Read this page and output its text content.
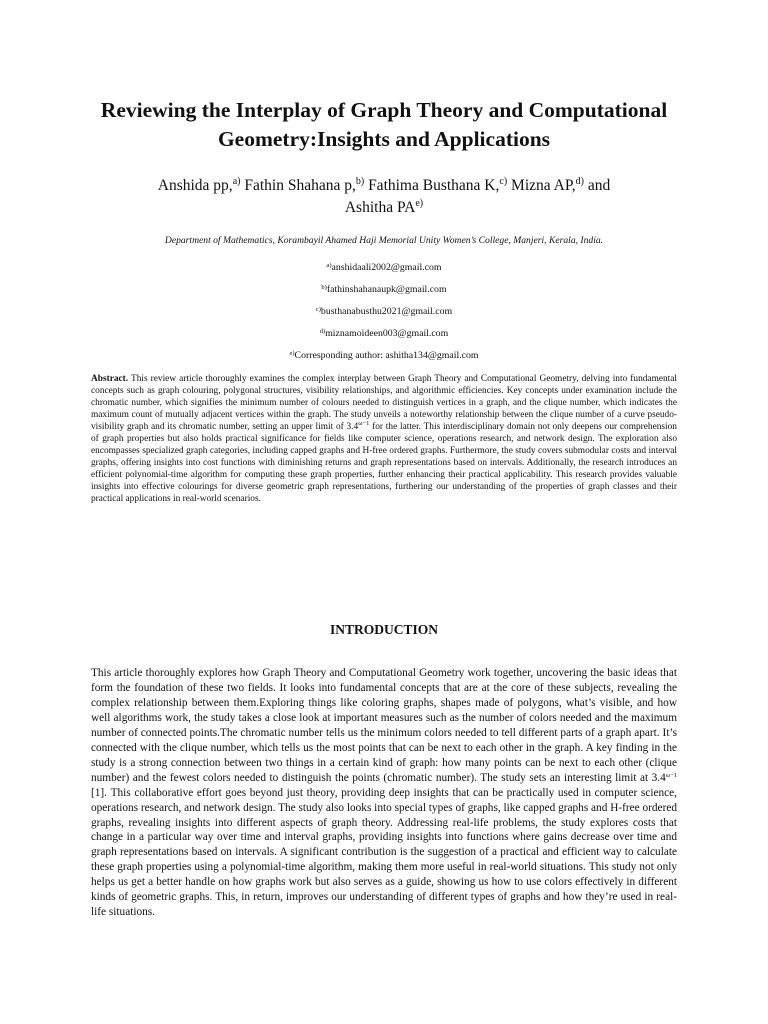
Reviewing the Interplay of Graph Theory and Computational
Geometry:Insights and Applications
Anshida pp,$^{a)}$ Fathin Shahana p,$^{b)}$ Fathima Busthana K,$^{c)}$ Mizna AP,$^{d)}$ and
Ashitha PA$^{e)}$
Department of Mathematics, Korambayil Ahamed Haji Memorial Unity Women’s College, Manjeri, Kerala, India.
$^{a)}$anshidaali2002@gmail.com
$^{b)}$fathinshahanaupk@gmail.com
$^{c)}$busthanabusthu2021@gmail.com
$^{d)}$miznamoideen003@gmail.com
$^{e)}$Corresponding author: ashitha134@gmail.com
Abstract. This review article thoroughly examines the complex interplay between Graph Theory and Computational Geometry, delving into fundamental concepts such as graph colouring, polygonal structures, visibility relationships, and algorithmic efficiencies. Key concepts under examination include the chromatic number, which signifies the minimum number of colours needed to distinguish vertices in a graph, and the clique number, which indicates the maximum count of mutually adjacent vertices within the graph. The study unveils a noteworthy relationship between the clique number of a curve pseudo-visibility graph and its chromatic number, setting an upper limit of $3.4^{\omega-1}$ for the latter. This interdisciplinary domain not only deepens our comprehension of graph properties but also holds practical significance for fields like computer science, operations research, and network design. The exploration also encompasses specialized graph categories, including capped graphs and H-free ordered graphs. Furthermore, the study covers submodular costs and interval graphs, offering insights into cost functions with diminishing returns and graph representations based on intervals. Additionally, the research introduces an efficient polynomial-time algorithm for computing these graph properties, further enhancing their practical applicability. This research provides valuable insights into effective colourings for diverse geometric graph representations, furthering our understanding of the properties of graph classes and their practical applications in real-world scenarios.
INTRODUCTION
This article thoroughly explores how Graph Theory and Computational Geometry work together, uncovering the basic ideas that form the foundation of these two fields. It looks into fundamental concepts that are at the core of these subjects, revealing the complex relationship between them.Exploring things like coloring graphs, shapes made of polygons, what’s visible, and how well algorithms work, the study takes a close look at important measures such as the number of colors needed and the maximum number of connected points.The chromatic number tells us the minimum colors needed to tell different parts of a graph apart. It’s connected with the clique number, which tells us the most points that can be next to each other in the graph. A key finding in the study is a strong connection between two things in a certain kind of graph: how many points can be next to each other (clique number) and the fewest colors needed to distinguish the points (chromatic number). The study sets an interesting limit at $3.4^{\omega-1}$ [1]. This collaborative effort goes beyond just theory, providing deep insights that can be practically used in computer science, operations research, and network design. The study also looks into special types of graphs, like capped graphs and H-free ordered graphs, revealing insights into different aspects of graph theory. Addressing real-life problems, the study explores costs that change in a particular way over time and interval graphs, providing insights into functions where gains decrease over time and graph representations based on intervals. A significant contribution is the suggestion of a practical and efficient way to calculate these graph properties using a polynomial-time algorithm, making them more useful in real-world situations. This study not only helps us get a better handle on how graphs work but also serves as a guide, showing us how to use colors effectively in different kinds of geometric graphs. This, in return, improves our understanding of different types of graphs and how they’re used in real-life situations.
